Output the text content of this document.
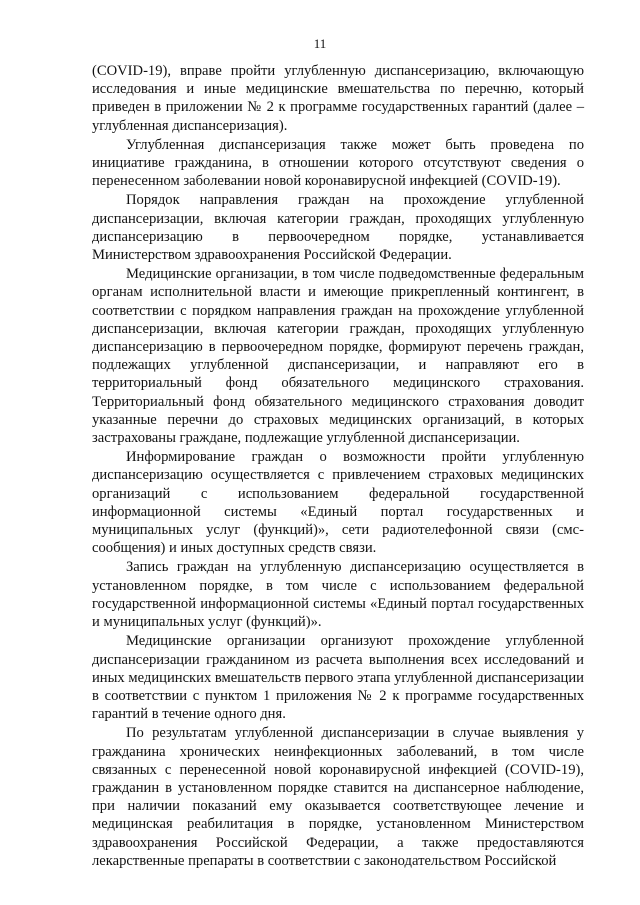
11

(COVID-19), вправе пройти углубленную диспансеризацию, включающую исследования и иные медицинские вмешательства по перечню, который приведен в приложении № 2 к программе государственных гарантий (далее – углубленная диспансеризация).

Углубленная диспансеризация также может быть проведена по инициативе гражданина, в отношении которого отсутствуют сведения о перенесенном заболевании новой коронавирусной инфекцией (COVID-19).

Порядок направления граждан на прохождение углубленной диспансеризации, включая категории граждан, проходящих углубленную диспансеризацию в первоочередном порядке, устанавливается Министерством здравоохранения Российской Федерации.

Медицинские организации, в том числе подведомственные федеральным органам исполнительной власти и имеющие прикрепленный контингент, в соответствии с порядком направления граждан на прохождение углубленной диспансеризации, включая категории граждан, проходящих углубленную диспансеризацию в первоочередном порядке, формируют перечень граждан, подлежащих углубленной диспансеризации, и направляют его в территориальный фонд обязательного медицинского страхования. Территориальный фонд обязательного медицинского страхования доводит указанные перечни до страховых медицинских организаций, в которых застрахованы граждане, подлежащие углубленной диспансеризации.

Информирование граждан о возможности пройти углубленную диспансеризацию осуществляется с привлечением страховых медицинских организаций с использованием федеральной государственной информационной системы «Единый портал государственных и муниципальных услуг (функций)», сети радиотелефонной связи (смс-сообщения) и иных доступных средств связи.

Запись граждан на углубленную диспансеризацию осуществляется в установленном порядке, в том числе с использованием федеральной государственной информационной системы «Единый портал государственных и муниципальных услуг (функций)».

Медицинские организации организуют прохождение углубленной диспансеризации гражданином из расчета выполнения всех исследований и иных медицинских вмешательств первого этапа углубленной диспансеризации в соответствии с пунктом 1 приложения № 2 к программе государственных гарантий в течение одного дня.

По результатам углубленной диспансеризации в случае выявления у гражданина хронических неинфекционных заболеваний, в том числе связанных с перенесенной новой коронавирусной инфекцией (COVID-19), гражданин в установленном порядке ставится на диспансерное наблюдение, при наличии показаний ему оказывается соответствующее лечение и медицинская реабилитация в порядке, установленном Министерством здравоохранения Российской Федерации, а также предоставляются лекарственные препараты в соответствии с законодательством Российской
